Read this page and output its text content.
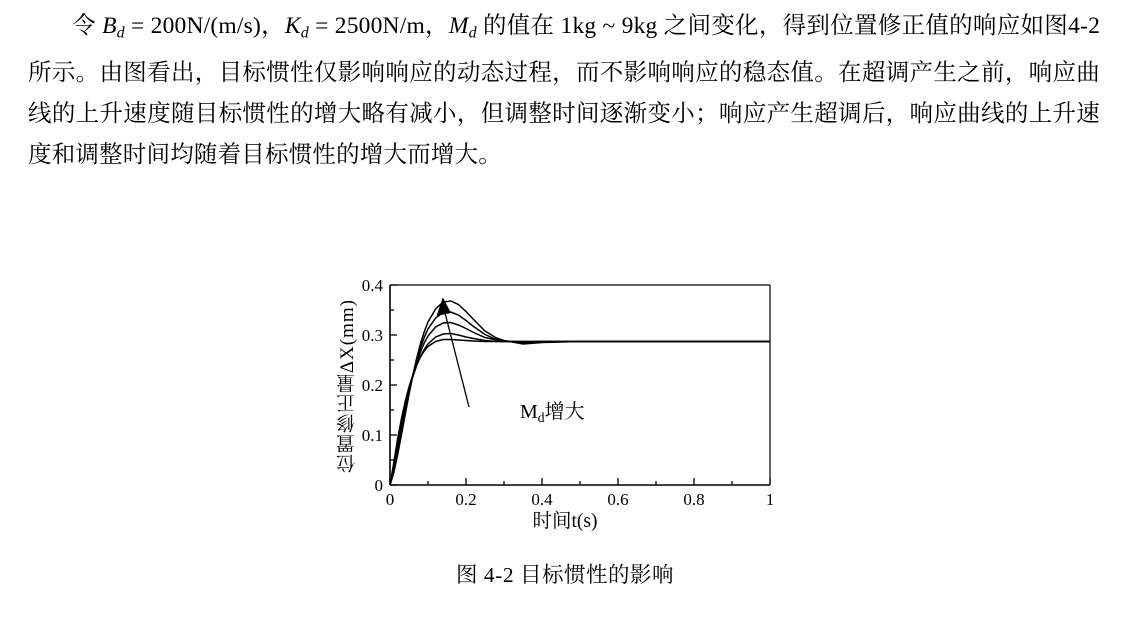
令 $B_d = 200N/(m/s)$，$K_d = 2500N/m$，$M_d$ 的值在 1kg ~ 9kg 之间变化，得到位置修正值的响应如图4-2所示。由图看出，目标惯性仅影响响应的动态过程，而不影响响应的稳态值。在超调产生之前，响应曲线的上升速度随目标惯性的增大略有减小，但调整时间逐渐变小；响应产生超调后，响应曲线的上升速度和调整时间均随着目标惯性的增大而增大。

位置修正量ΔX(mm)
0	0.2	0.4	0.6	0.8	1
0
0.1
0.2
0.3
0.4
Md增大
时间t(s)
图 4-2 目标惯性的影响
